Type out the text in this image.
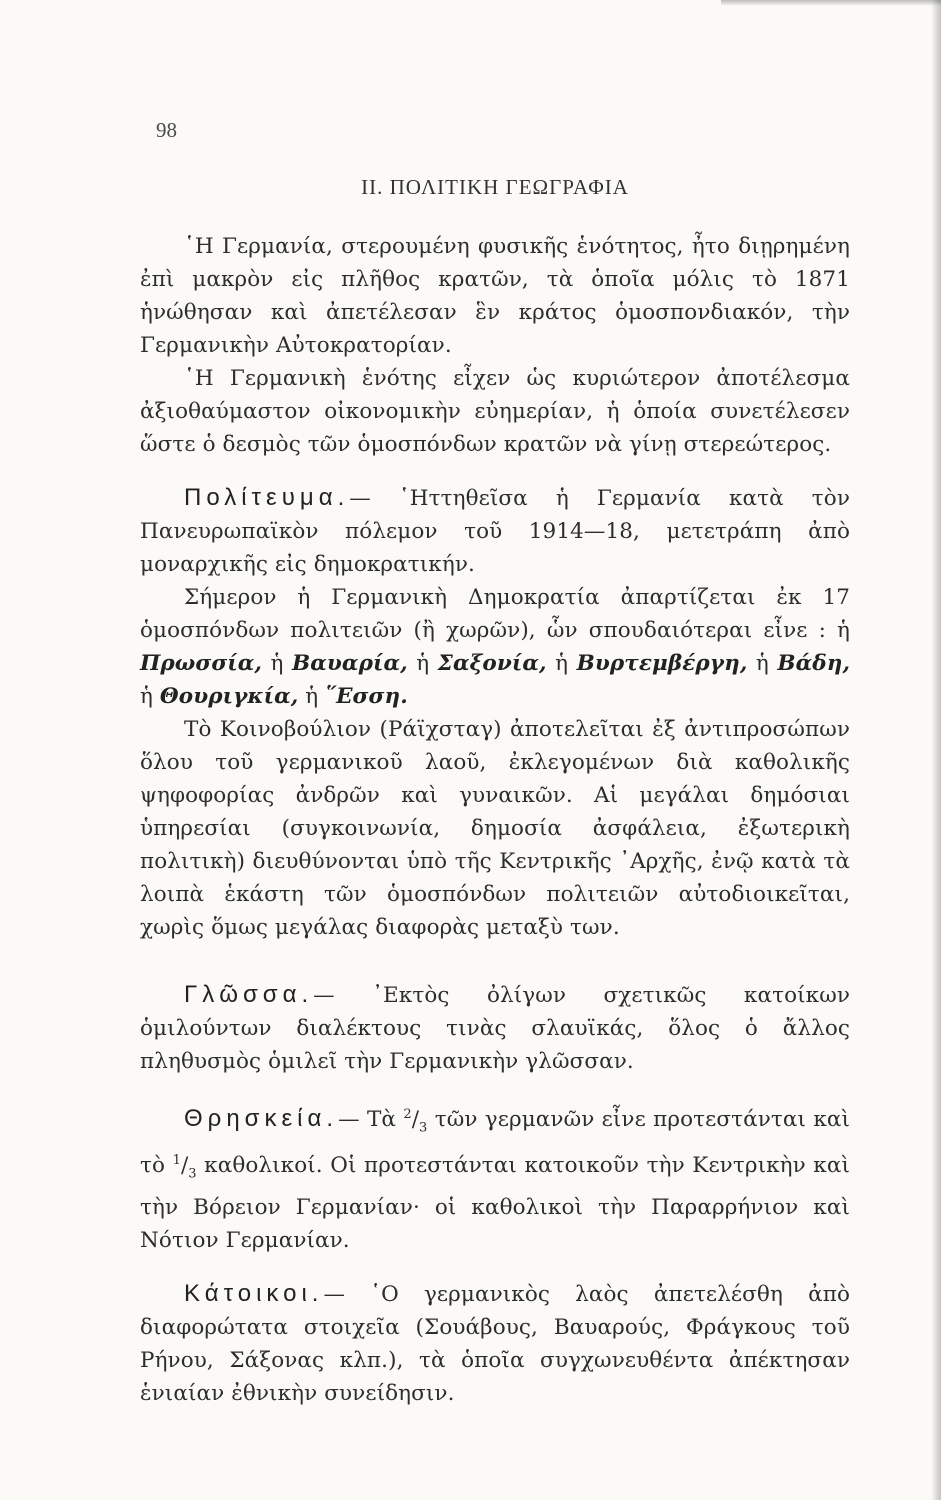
98
II. ΠΟΛΙΤΙΚΗ ΓΕΩΓΡΑΦΙΑ

῾Η Γερμανία, στερουμένη φυσικῆς ἑνότητος, ἦτο διῃρημένη ἐπὶ μακρὸν εἰς πλῆθος κρατῶν, τὰ ὁποῖα μόλις τὸ 1871 ἡνώθησαν καὶ ἀπετέλεσαν ἓν κράτος ὁμοσπονδιακόν, τὴν Γερμανικὴν Αὐτοκρατορίαν.

῾Η Γερμανικὴ ἑνότης εἶχεν ὡς κυριώτερον ἀποτέλεσμα ἀξιοθαύμαστον οἰκονομικὴν εὐημερίαν, ἡ ὁποία συνετέλεσεν ὥστε ὁ δεσμὸς τῶν ὁμοσπόνδων κρατῶν νὰ γίνῃ στερεώτερος.

Πολίτευμα.— ῾Ηττηθεῖσα ἡ Γερμανία κατὰ τὸν Πανευρωπαϊκὸν πόλεμον τοῦ 1914—18, μετετράπη ἀπὸ μοναρχικῆς εἰς δημοκρατικήν.

Σήμερον ἡ Γερμανικὴ Δημοκρατία ἀπαρτίζεται ἐκ 17 ὁμοσπόνδων πολιτειῶν (ἢ χωρῶν), ὧν σπουδαιότεραι εἶνε : ἡ Πρωσσία, ἡ Βαυαρία, ἡ Σαξονία, ἡ Βυρτεμβέργη, ἡ Βάδη, ἡ Θουριγκία, ἡ ῞Εσση.

Τὸ Κοινοβούλιον (Ράϊχσταγ) ἀποτελεῖται ἐξ ἀντιπροσώπων ὅλου τοῦ γερμανικοῦ λαοῦ, ἐκλεγομένων διὰ καθολικῆς ψηφοφορίας ἀνδρῶν καὶ γυναικῶν. Αἱ μεγάλαι δημόσιαι ὑπηρεσίαι (συγκοινωνία, δημοσία ἀσφάλεια, ἐξωτερικὴ πολιτικὴ) διευθύνονται ὑπὸ τῆς Κεντρικῆς ᾿Αρχῆς, ἐνῷ κατὰ τὰ λοιπὰ ἑκάστη τῶν ὁμοσπόνδων πολιτειῶν αὐτοδιοικεῖται, χωρὶς ὅμως μεγάλας διαφορὰς μεταξὺ των.

Γλῶσσα.— ᾿Εκτὸς ὀλίγων σχετικῶς κατοίκων ὁμιλούντων διαλέκτους τινὰς σλαυϊκάς, ὅλος ὁ ἄλλος πληθυσμὸς ὁμιλεῖ τὴν Γερμανικὴν γλῶσσαν.

Θρησκεία.— Τὰ $^2/_3$ τῶν γερμανῶν εἶνε προτεστάνται καὶ τὸ $^1/_3$ καθολικοί. Οἱ προτεστάνται κατοικοῦν τὴν Κεντρικὴν καὶ τὴν Βόρειον Γερμανίαν· οἱ καθολικοὶ τὴν Παραρρήνιον καὶ Νότιον Γερμανίαν.

Κάτοικοι.— ῾Ο γερμανικὸς λαὸς ἀπετελέσθη ἀπὸ διαφορώτατα στοιχεῖα (Σουάβους, Βαυαρούς, Φράγκους τοῦ Ρήνου, Σάξονας κλπ.), τὰ ὁποῖα συγχωνευθέντα ἀπέκτησαν ἑνιαίαν ἐθνικὴν συνείδησιν.
